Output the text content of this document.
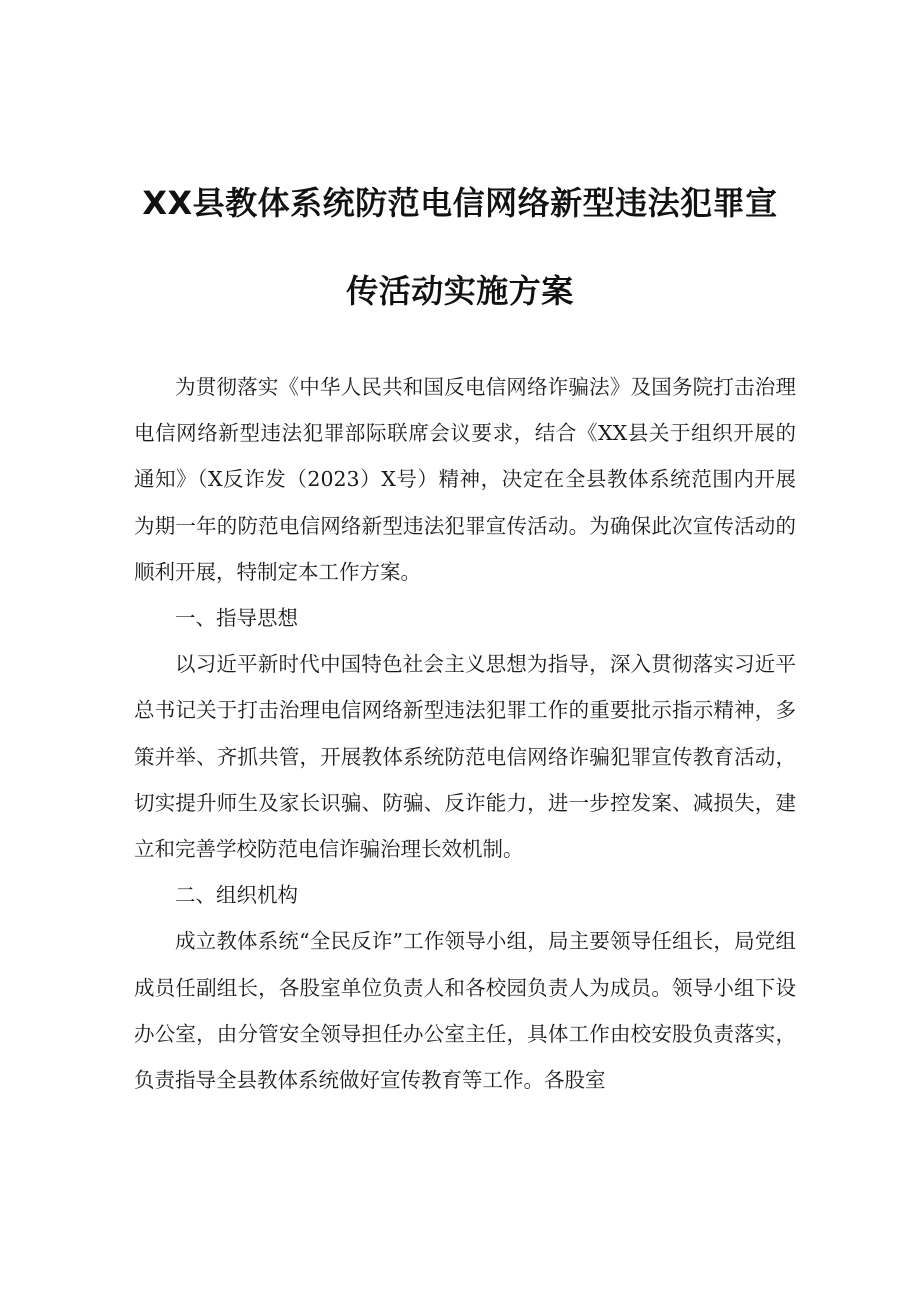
XX县教体系统防范电信网络新型违法犯罪宣
传活动实施方案

为贯彻落实《中华人民共和国反电信网络诈骗法》及国务院打击治理电信网络新型违法犯罪部际联席会议要求，结合《XX县关于组织开展的通知》（X反诈发（2023）X号）精神，决定在全县教体系统范围内开展为期一年的防范电信网络新型违法犯罪宣传活动。为确保此次宣传活动的顺利开展，特制定本工作方案。

一、指导思想

以习近平新时代中国特色社会主义思想为指导，深入贯彻落实习近平总书记关于打击治理电信网络新型违法犯罪工作的重要批示指示精神，多策并举、齐抓共管，开展教体系统防范电信网络诈骗犯罪宣传教育活动，切实提升师生及家长识骗、防骗、反诈能力，进一步控发案、减损失，建立和完善学校防范电信诈骗治理长效机制。

二、组织机构

成立教体系统“全民反诈”工作领导小组，局主要领导任组长，局党组成员任副组长，各股室单位负责人和各校园负责人为成员。领导小组下设办公室，由分管安全领导担任办公室主任，具体工作由校安股负责落实，负责指导全县教体系统做好宣传教育等工作。各股室
